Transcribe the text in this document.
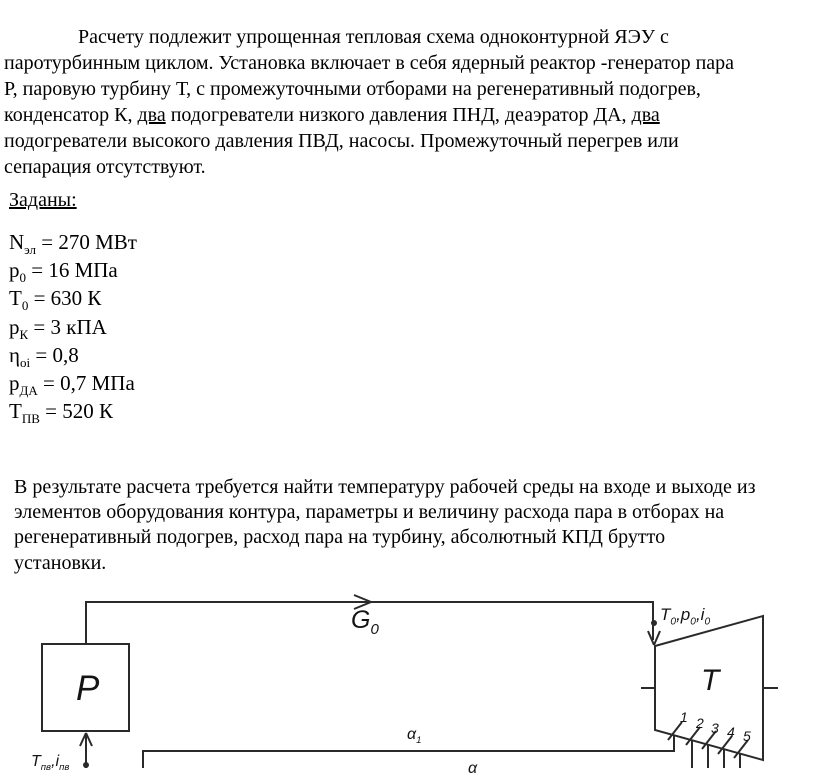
Расчету подлежит упрощенная тепловая схема одноконтурной ЯЭУ с
паротурбинным циклом. Установка включает в себя ядерный реактор -генератор пара
Р, паровую турбину Т, с промежуточными отборами на регенеративный подогрев,
конденсатор К, два подогреватели низкого давления ПНД, деаэратор ДА, два
подогреватели высокого давления ПВД, насосы. Промежуточный перегрев или
сепарация отсутствуют.
Заданы:
$N_{эл} = 270$ МВт
$p_0 = 16$ МПа
$T_0 = 630$ К
$p_К = 3$ кПА
$\eta_{oi} = 0,8$
$p_{ДА} = 0,7$ МПа
$T_{ПВ} = 520$ К
В результате расчета требуется найти температуру рабочей среды на входе и выходе из
элементов оборудования контура, параметры и величину расхода пара в отборах на
регенеративный подогрев, расход пара на турбину, абсолютный КПД брутто
установки.
P	T
$G_0$
$T_0,p_0,i_0$
1 2 3 4 5
$\alpha_1$
α
$T_{пв},i_{пв}$
